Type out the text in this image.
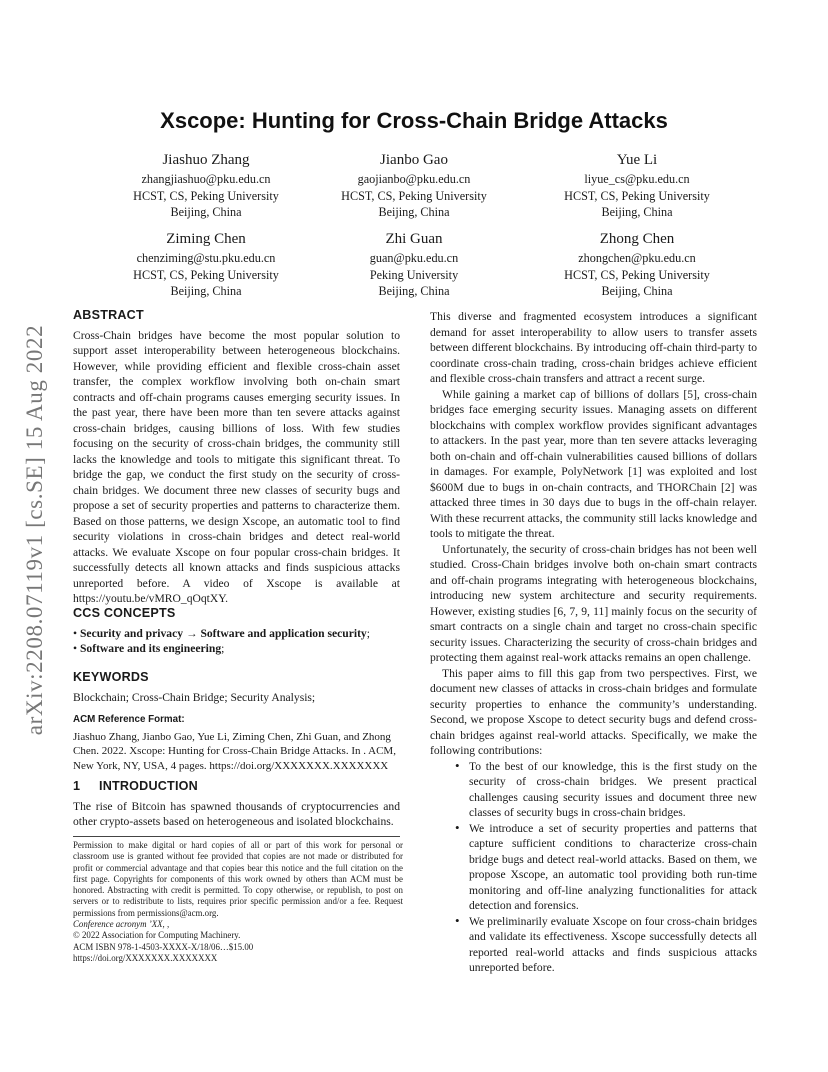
arXiv:2208.07119v1 [cs.SE] 15 Aug 2022
Xscope: Hunting for Cross-Chain Bridge Attacks
Jiashuo Zhang
zhangjiashuo@pku.edu.cn
HCST, CS, Peking University
Beijing, China
Jianbo Gao
gaojianbo@pku.edu.cn
HCST, CS, Peking University
Beijing, China
Yue Li
liyue_cs@pku.edu.cn
HCST, CS, Peking University
Beijing, China
Ziming Chen
chenziming@stu.pku.edu.cn
HCST, CS, Peking University
Beijing, China
Zhi Guan
guan@pku.edu.cn
Peking University
Beijing, China
Zhong Chen
zhongchen@pku.edu.cn
HCST, CS, Peking University
Beijing, China
ABSTRACT

Cross-Chain bridges have become the most popular solution to support asset interoperability between heterogeneous blockchains. However, while providing efficient and flexible cross-chain asset transfer, the complex workflow involving both on-chain smart contracts and off-chain programs causes emerging security issues. In the past year, there have been more than ten severe attacks against cross-chain bridges, causing billions of loss. With few studies focusing on the security of cross-chain bridges, the community still lacks the knowledge and tools to mitigate this significant threat. To bridge the gap, we conduct the first study on the security of cross-chain bridges. We document three new classes of security bugs and propose a set of security properties and patterns to characterize them. Based on those patterns, we design Xscope, an automatic tool to find security violations in cross-chain bridges and detect real-world attacks. We evaluate Xscope on four popular cross-chain bridges. It successfully detects all known attacks and finds suspicious attacks unreported before. A video of Xscope is available at https://youtu.be/vMRO_qOqtXY.

CCS CONCEPTS
• Security and privacy → Software and application security;
• Software and its engineering;
KEYWORDS

Blockchain; Cross-Chain Bridge; Security Analysis;

ACM Reference Format:
Jiashuo Zhang, Jianbo Gao, Yue Li, Ziming Chen, Zhi Guan, and Zhong Chen. 2022. Xscope: Hunting for Cross-Chain Bridge Attacks. In . ACM, New York, NY, USA, 4 pages. https://doi.org/XXXXXXX.XXXXXXX
1 INTRODUCTION

The rise of Bitcoin has spawned thousands of cryptocurrencies and other crypto-assets based on heterogeneous and isolated blockchains.

Permission to make digital or hard copies of all or part of this work for personal or classroom use is granted without fee provided that copies are not made or distributed for profit or commercial advantage and that copies bear this notice and the full citation on the first page. Copyrights for components of this work owned by others than ACM must be honored. Abstracting with credit is permitted. To copy otherwise, or republish, to post on servers or to redistribute to lists, requires prior specific permission and/or a fee. Request permissions from permissions@acm.org.

Conference acronym ’XX, ,

© 2022 Association for Computing Machinery.

ACM ISBN 978-1-4503-XXXX-X/18/06…$15.00

https://doi.org/XXXXXXX.XXXXXXX

This diverse and fragmented ecosystem introduces a significant demand for asset interoperability to allow users to transfer assets between different blockchains. By introducing off-chain third-party to coordinate cross-chain trading, cross-chain bridges achieve efficient and flexible cross-chain transfers and attract a recent surge.

While gaining a market cap of billions of dollars [5], cross-chain bridges face emerging security issues. Managing assets on different blockchains with complex workflow provides significant advantages to attackers. In the past year, more than ten severe attacks leveraging both on-chain and off-chain vulnerabilities caused billions of dollars in damages. For example, PolyNetwork [1] was exploited and lost $600M due to bugs in on-chain contracts, and THORChain [2] was attacked three times in 30 days due to bugs in the off-chain relayer. With these recurrent attacks, the community still lacks knowledge and tools to mitigate the threat.

Unfortunately, the security of cross-chain bridges has not been well studied. Cross-Chain bridges involve both on-chain smart contracts and off-chain programs integrating with heterogeneous blockchains, introducing new system architecture and security requirements. However, existing studies [6, 7, 9, 11] mainly focus on the security of smart contracts on a single chain and target no cross-chain specific security issues. Characterizing the security of cross-chain bridges and protecting them against real-work attacks remains an open challenge.

This paper aims to fill this gap from two perspectives. First, we document new classes of attacks in cross-chain bridges and formulate security properties to enhance the community’s understanding. Second, we propose Xscope to detect security bugs and defend cross-chain bridges against real-world attacks. Specifically, we make the following contributions:

• To the best of our knowledge, this is the first study on the security of cross-chain bridges. We present practical challenges causing security issues and document three new classes of security bugs in cross-chain bridges.
• We introduce a set of security properties and patterns that capture sufficient conditions to characterize cross-chain bridge bugs and detect real-world attacks. Based on them, we propose Xscope, an automatic tool providing both run-time monitoring and off-line analyzing functionalities for attack detection and forensics.
• We preliminarily evaluate Xscope on four cross-chain bridges and validate its effectiveness. Xscope successfully detects all reported real-world attacks and finds suspicious attacks unreported before.
